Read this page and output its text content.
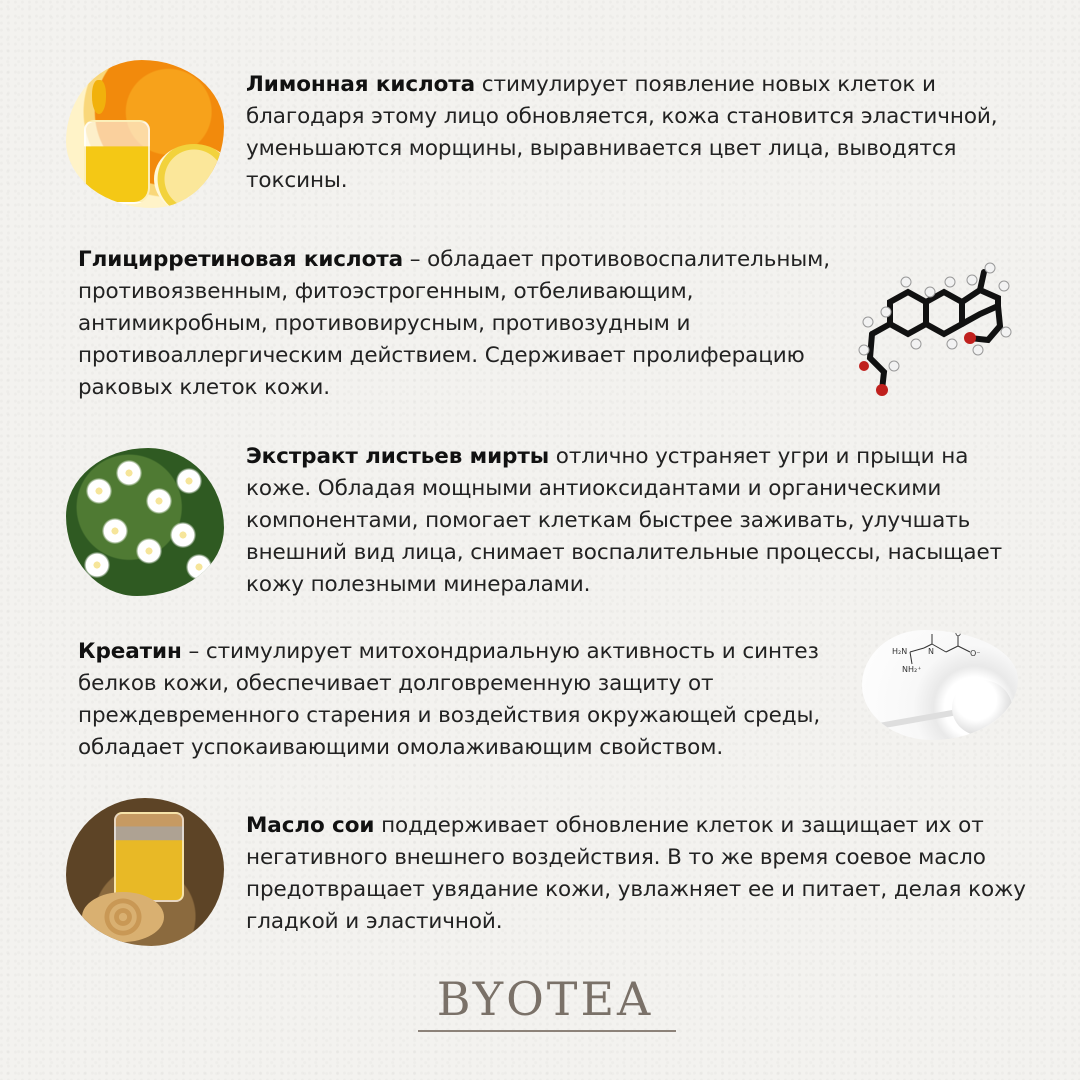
H₂N	N
NH₂⁺
O
O⁻
Лимонная кислота стимулирует появление новых клеток и благодаря этому лицо обновляется, кожа становится эластичной, уменьшаются морщины, выравнивается цвет лица, выводятся токсины.
Глицирретиновая кислота – обладает противовоспалительным, противоязвенным, фитоэстрогенным, отбеливающим, антимикробным, противовирусным, противозудным и противоаллергическим действием. Сдерживает пролиферацию раковых клеток кожи.
Экстракт листьев мирты отлично устраняет угри и прыщи на коже. Обладая мощными антиоксидантами и органическими компонентами, помогает клеткам быстрее заживать, улучшать внешний вид лица, снимает воспалительные процессы, насыщает кожу полезными минералами.
Креатин – стимулирует митохондриальную активность и синтез белков кожи, обеспечивает долговременную защиту от преждевременного старения и воздействия окружающей среды, обладает успокаивающими омолаживающим свойством.
Масло сои поддерживает обновление клеток и защищает их от негативного внешнего воздействия. В то же время соевое масло предотвращает увядание кожи, увлажняет ее и питает, делая кожу гладкой и эластичной.
BYOTEA
